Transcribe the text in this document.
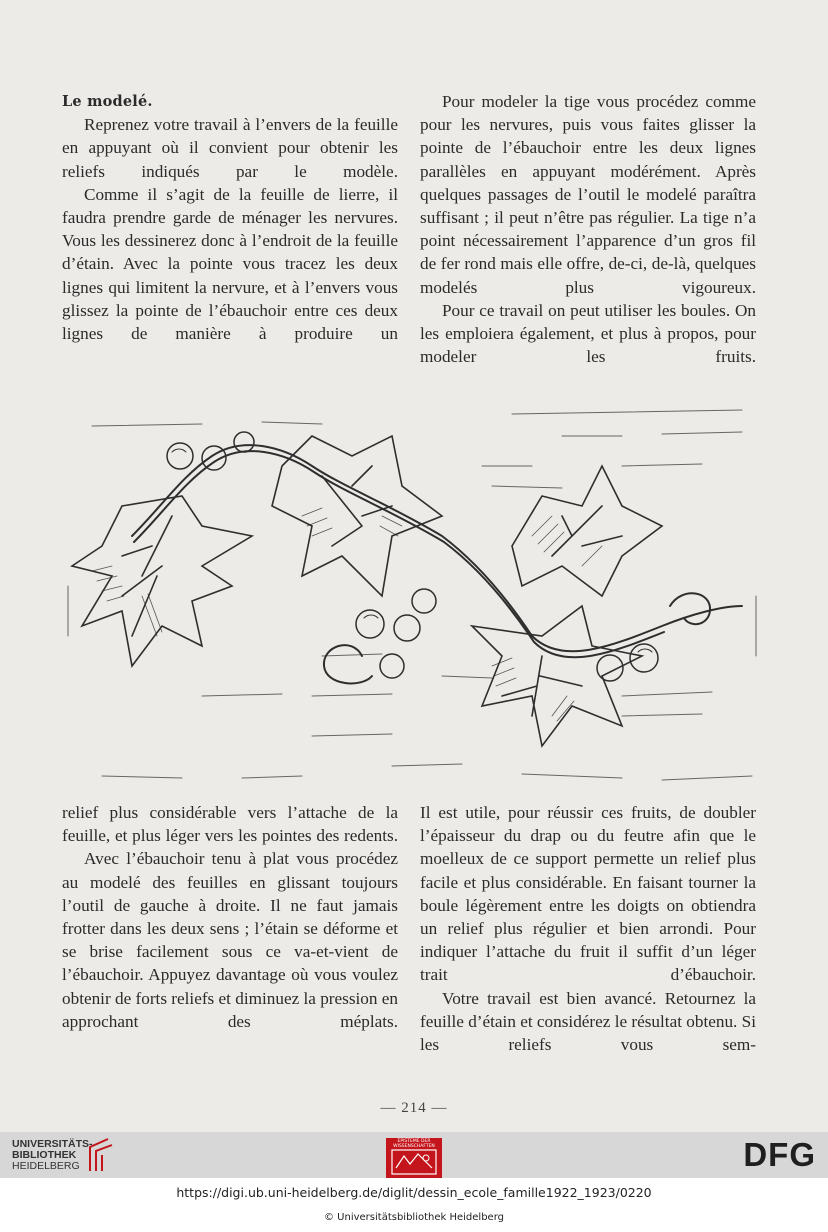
Le modelé.

Reprenez votre travail à l’envers de la feuille en appuyant où il convient pour obtenir les reliefs indiqués par le modèle.

Comme il s’agit de la feuille de lierre, il faudra prendre garde de ménager les nervures. Vous les dessinerez donc à l’endroit de la feuille d’étain. Avec la pointe vous tracez les deux lignes qui limitent la nervure, et à l’envers vous glissez la pointe de l’ébauchoir entre ces deux lignes de manière à produire un

Pour modeler la tige vous procédez comme pour les nervures, puis vous faites glisser la pointe de l’ébauchoir entre les deux lignes parallèles en appuyant modérément. Après quelques passages de l’outil le modelé paraîtra suffisant ; il peut n’être pas régulier. La tige n’a point nécessairement l’apparence d’un gros fil de fer rond mais elle offre, de-ci, de-là, quelques modelés plus vigoureux.

Pour ce travail on peut utiliser les boules. On les emploiera également, et plus à propos, pour modeler les fruits.

relief plus considérable vers l’attache de la feuille, et plus léger vers les pointes des redents.

Avec l’ébauchoir tenu à plat vous procédez au modelé des feuilles en glissant toujours l’outil de gauche à droite. Il ne faut jamais frotter dans les deux sens ; l’étain se déforme et se brise facilement sous ce va-et-vient de l’ébauchoir. Appuyez davantage où vous voulez obtenir de forts reliefs et diminuez la pression en approchant des méplats.

Il est utile, pour réussir ces fruits, de doubler l’épaisseur du drap ou du feutre afin que le moelleux de ce support permette un relief plus facile et plus considérable. En faisant tourner la boule légèrement entre les doigts on obtiendra un relief plus régulier et bien arrondi. Pour indiquer l’attache du fruit il suffit d’un léger trait d’ébauchoir.

Votre travail est bien avancé. Retournez la feuille d’étain et considérez le résultat obtenu. Si les reliefs vous sem-

— 214 —
UNIVERSITÄTS-
BIBLIOTHEK
HEIDELBERG
EPISTEME DER WISSENSCHAFTEN	DFG
https://digi.ub.uni-heidelberg.de/diglit/dessin_ecole_famille1922_1923/0220
© Universitätsbibliothek Heidelberg
